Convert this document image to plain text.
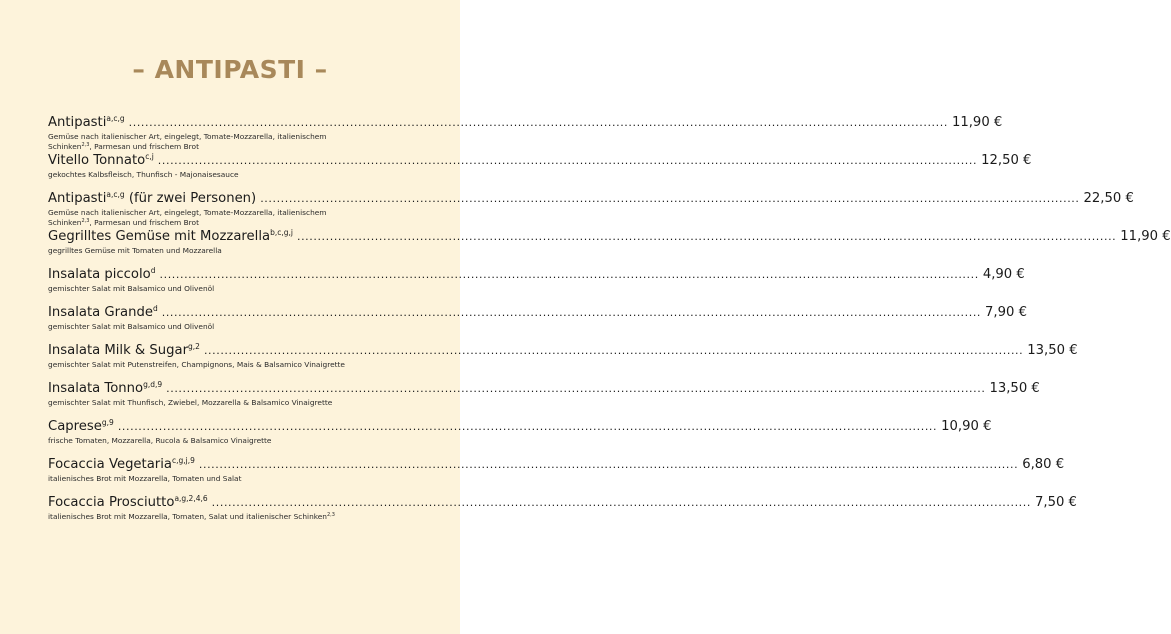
– ANTIPASTI –
Antipasti$^{a,c,g}$ ........................................................................................................................................................................................................ 11,90 €
Gemüse nach italienischer Art, eingelegt, Tomate-Mozzarella, italienischem
Schinken$^{2,3}$, Parmesan und frischem Brot
Vitello Tonnato$^{c,j}$ ........................................................................................................................................................................................................ 12,50 €
gekochtes Kalbsfleisch, Thunfisch - Majonaisesauce
Antipasti$^{a,c,g}$ (für zwei Personen) ........................................................................................................................................................................................................ 22,50 €
Gemüse nach italienischer Art, eingelegt, Tomate-Mozzarella, italienischem
Schinken$^{2,3}$, Parmesan und frischem Brot
Gegrilltes Gemüse mit Mozzarella$^{b,c,g,j}$ ........................................................................................................................................................................................................ 11,90 €
gegrilltes Gemüse mit Tomaten und Mozzarella
Insalata piccolo$^d$ ........................................................................................................................................................................................................ 4,90 €
gemischter Salat mit Balsamico und Olivenöl
Insalata Grande$^d$ ........................................................................................................................................................................................................ 7,90 €
gemischter Salat mit Balsamico und Olivenöl
Insalata Milk & Sugar$^{g,2}$ ........................................................................................................................................................................................................ 13,50 €
gemischter Salat mit Putenstreifen, Champignons, Mais & Balsamico Vinaigrette
Insalata Tonno$^{g,d,9}$ ........................................................................................................................................................................................................ 13,50 €
gemischter Salat mit Thunfisch, Zwiebel, Mozzarella & Balsamico Vinaigrette
Caprese$^{g,9}$ ........................................................................................................................................................................................................ 10,90 €
frische Tomaten, Mozzarella, Rucola & Balsamico Vinaigrette
Focaccia Vegetaria$^{c,g,j,9}$ ........................................................................................................................................................................................................ 6,80 €
italienisches Brot mit Mozzarella, Tomaten und Salat
Focaccia Prosciutto$^{a,g,2,4,6}$ ........................................................................................................................................................................................................ 7,50 €
italienisches Brot mit Mozzarella, Tomaten, Salat und italienischer Schinken$^{2,3}$
